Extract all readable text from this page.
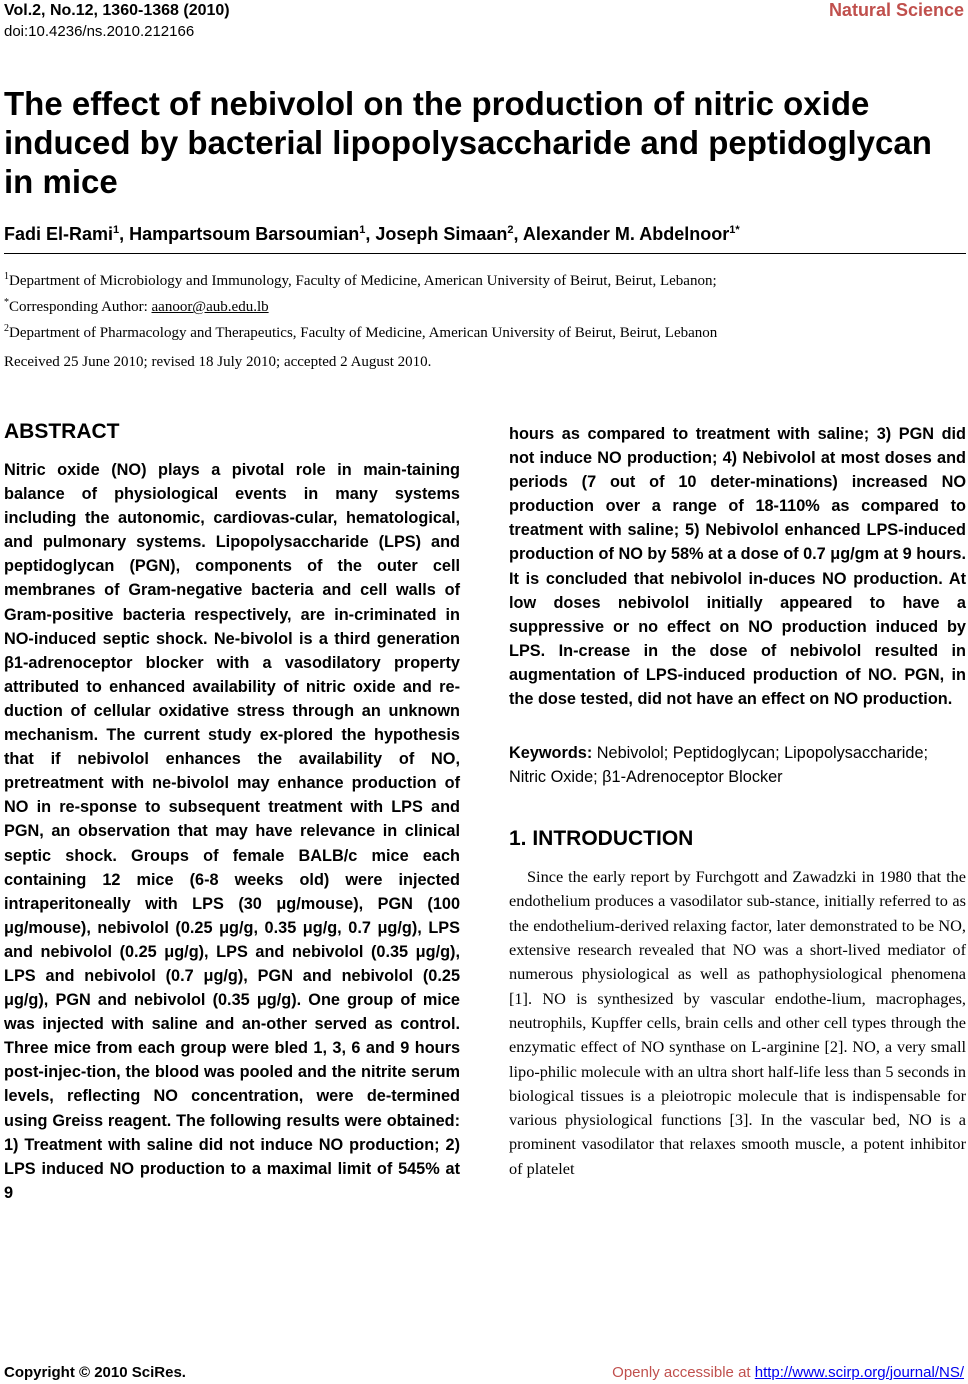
Vol.2, No.12, 1360-1368 (2010)
doi:10.4236/ns.2010.212166
Natural Science
The effect of nebivolol on the production of nitric oxide induced by bacterial lipopolysaccharide and peptidoglycan in mice
Fadi El-Rami$^1$, Hampartsoum Barsoumian$^1$, Joseph Simaan$^2$, Alexander M. Abdelnoor$^{1*}$
$^1$Department of Microbiology and Immunology, Faculty of Medicine, American University of Beirut, Beirut, Lebanon;
*Corresponding Author: aanoor@aub.edu.lb
$^2$Department of Pharmacology and Therapeutics, Faculty of Medicine, American University of Beirut, Beirut, Lebanon
Received 25 June 2010; revised 18 July 2010; accepted 2 August 2010.
ABSTRACT

Nitric oxide (NO) plays a pivotal role in main-taining balance of physiological events in many systems including the autonomic, cardiovas-cular, hematological, and pulmonary systems. Lipopolysaccharide (LPS) and peptidoglycan (PGN), components of the outer cell membranes of Gram-negative bacteria and cell walls of Gram-positive bacteria respectively, are in-criminated in NO-induced septic shock. Ne-bivolol is a third generation β1-adrenoceptor blocker with a vasodilatory property attributed to enhanced availability of nitric oxide and re-duction of cellular oxidative stress through an unknown mechanism. The current study ex-plored the hypothesis that if nebivolol enhances the availability of NO, pretreatment with ne-bivolol may enhance production of NO in re-sponse to subsequent treatment with LPS and PGN, an observation that may have relevance in clinical septic shock. Groups of female BALB/c mice each containing 12 mice (6-8 weeks old) were injected intraperitoneally with LPS (30 μg/mouse), PGN (100 μg/mouse), nebivolol (0.25 μg/g, 0.35 μg/g, 0.7 μg/g), LPS and nebivolol (0.25 μg/g), LPS and nebivolol (0.35 μg/g), LPS and nebivolol (0.7 μg/g), PGN and nebivolol (0.25 μg/g), PGN and nebivolol (0.35 μg/g). One group of mice was injected with saline and an-other served as control. Three mice from each group were bled 1, 3, 6 and 9 hours post-injec-tion, the blood was pooled and the nitrite serum levels, reflecting NO concentration, were de-termined using Greiss reagent. The following results were obtained: 1) Treatment with saline did not induce NO production; 2) LPS induced NO production to a maximal limit of 545% at 9

hours as compared to treatment with saline; 3) PGN did not induce NO production; 4) Nebivolol at most doses and periods (7 out of 10 deter-minations) increased NO production over a range of 18-110% as compared to treatment with saline; 5) Nebivolol enhanced LPS-induced production of NO by 58% at a dose of 0.7 μg/gm at 9 hours. It is concluded that nebivolol in-duces NO production. At low doses nebivolol initially appeared to have a suppressive or no effect on NO production induced by LPS. In-crease in the dose of nebivolol resulted in augmentation of LPS-induced production of NO. PGN, in the dose tested, did not have an effect on NO production.

Keywords: Nebivolol; Peptidoglycan; Lipopolysaccharide; Nitric Oxide; β1-Adrenoceptor Blocker

1. INTRODUCTION

Since the early report by Furchgott and Zawadzki in 1980 that the endothelium produces a vasodilator sub-stance, initially referred to as the endothelium-derived relaxing factor, later demonstrated to be NO, extensive research revealed that NO was a short-lived mediator of numerous physiological as well as pathophysiological phenomena [1]. NO is synthesized by vascular endothe-lium, macrophages, neutrophils, Kupffer cells, brain cells and other cell types through the enzymatic effect of NO synthase on L-arginine [2]. NO, a very small lipo-philic molecule with an ultra short half-life less than 5 seconds in biological tissues is a pleiotropic molecule that is indispensable for various physiological functions [3]. In the vascular bed, NO is a prominent vasodilator that relaxes smooth muscle, a potent inhibitor of platelet

Copyright © 2010 SciRes.	Openly accessible at http://www.scirp.org/journal/NS/
